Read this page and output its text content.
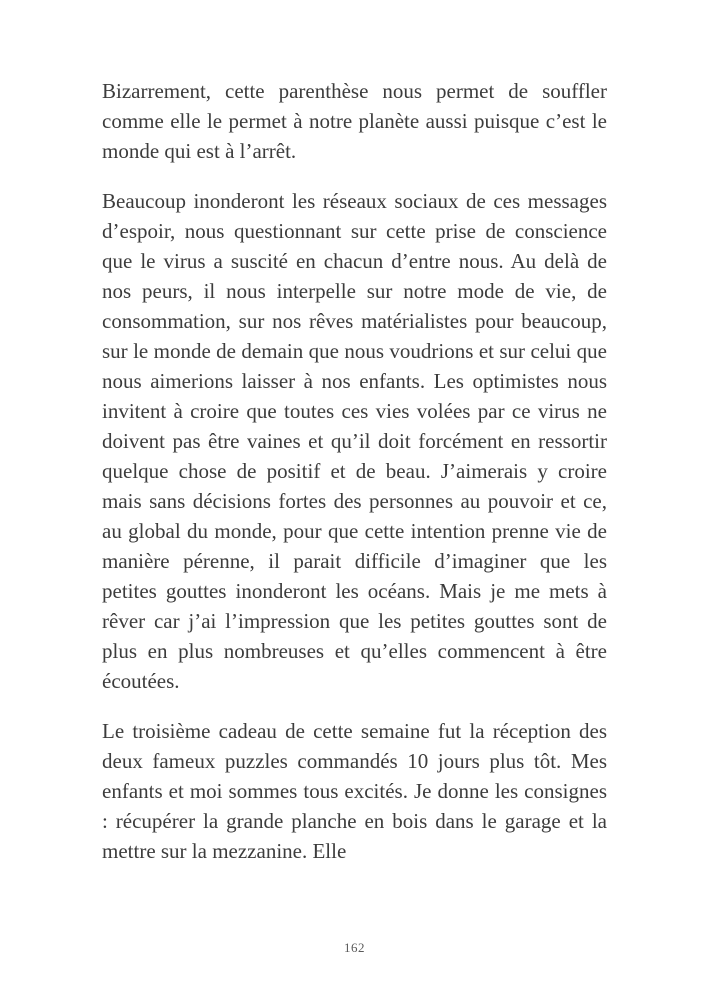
Bizarrement, cette parenthèse nous permet de souffler comme elle le permet à notre planète aussi puisque c’est le monde qui est à l’arrêt.

Beaucoup inonderont les réseaux sociaux de ces messages d’espoir, nous questionnant sur cette prise de conscience que le virus a suscité en chacun d’entre nous. Au delà de nos peurs, il nous interpelle sur notre mode de vie, de consommation, sur nos rêves matérialistes pour beaucoup, sur le monde de demain que nous voudrions et sur celui que nous aimerions laisser à nos enfants. Les optimistes nous invitent à croire que toutes ces vies volées par ce virus ne doivent pas être vaines et qu’il doit forcément en ressortir quelque chose de positif et de beau. J’aimerais y croire mais sans décisions fortes des personnes au pouvoir et ce, au global du monde, pour que cette intention prenne vie de manière pérenne, il parait difficile d’imaginer que les petites gouttes inonderont les océans. Mais je me mets à rêver car j’ai l’impression que les petites gouttes sont de plus en plus nombreuses et qu’elles commencent à être écoutées.

Le troisième cadeau de cette semaine fut la réception des deux fameux puzzles commandés 10 jours plus tôt. Mes enfants et moi sommes tous excités. Je donne les consignes : récupérer la grande planche en bois dans le garage et la mettre sur la mezzanine. Elle

162
